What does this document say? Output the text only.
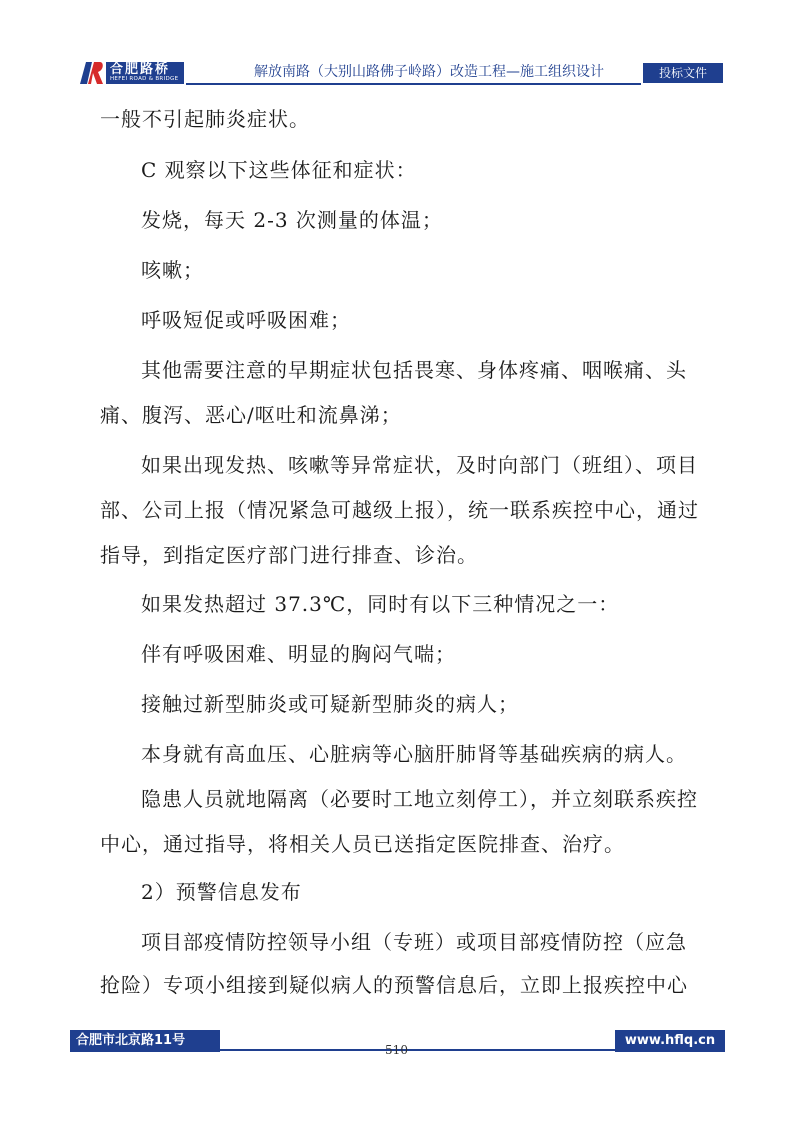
合肥路桥
HEFEI ROAD & BRIDGE	解放南路（大别山路佛子岭路）改造工程—施工组织设计	投标文件
一般不引起肺炎症状。
C 观察以下这些体征和症状：
发烧，每天 2-3 次测量的体温；
咳嗽；
呼吸短促或呼吸困难；
其他需要注意的早期症状包括畏寒、身体疼痛、咽喉痛、头
痛、腹泻、恶心/呕吐和流鼻涕；
如果出现发热、咳嗽等异常症状，及时向部门（班组）、项目
部、公司上报（情况紧急可越级上报），统一联系疾控中心，通过
指导，到指定医疗部门进行排查、诊治。
如果发热超过 37.3℃，同时有以下三种情况之一：
伴有呼吸困难、明显的胸闷气喘；
接触过新型肺炎或可疑新型肺炎的病人；
本身就有高血压、心脏病等心脑肝肺肾等基础疾病的病人。
隐患人员就地隔离（必要时工地立刻停工），并立刻联系疾控
中心，通过指导，将相关人员已送指定医院排查、治疗。
2）预警信息发布
项目部疫情防控领导小组（专班）或项目部疫情防控（应急
抢险）专项小组接到疑似病人的预警信息后，立即上报疾控中心
合肥市北京路11号	www.hflq.cn
510
